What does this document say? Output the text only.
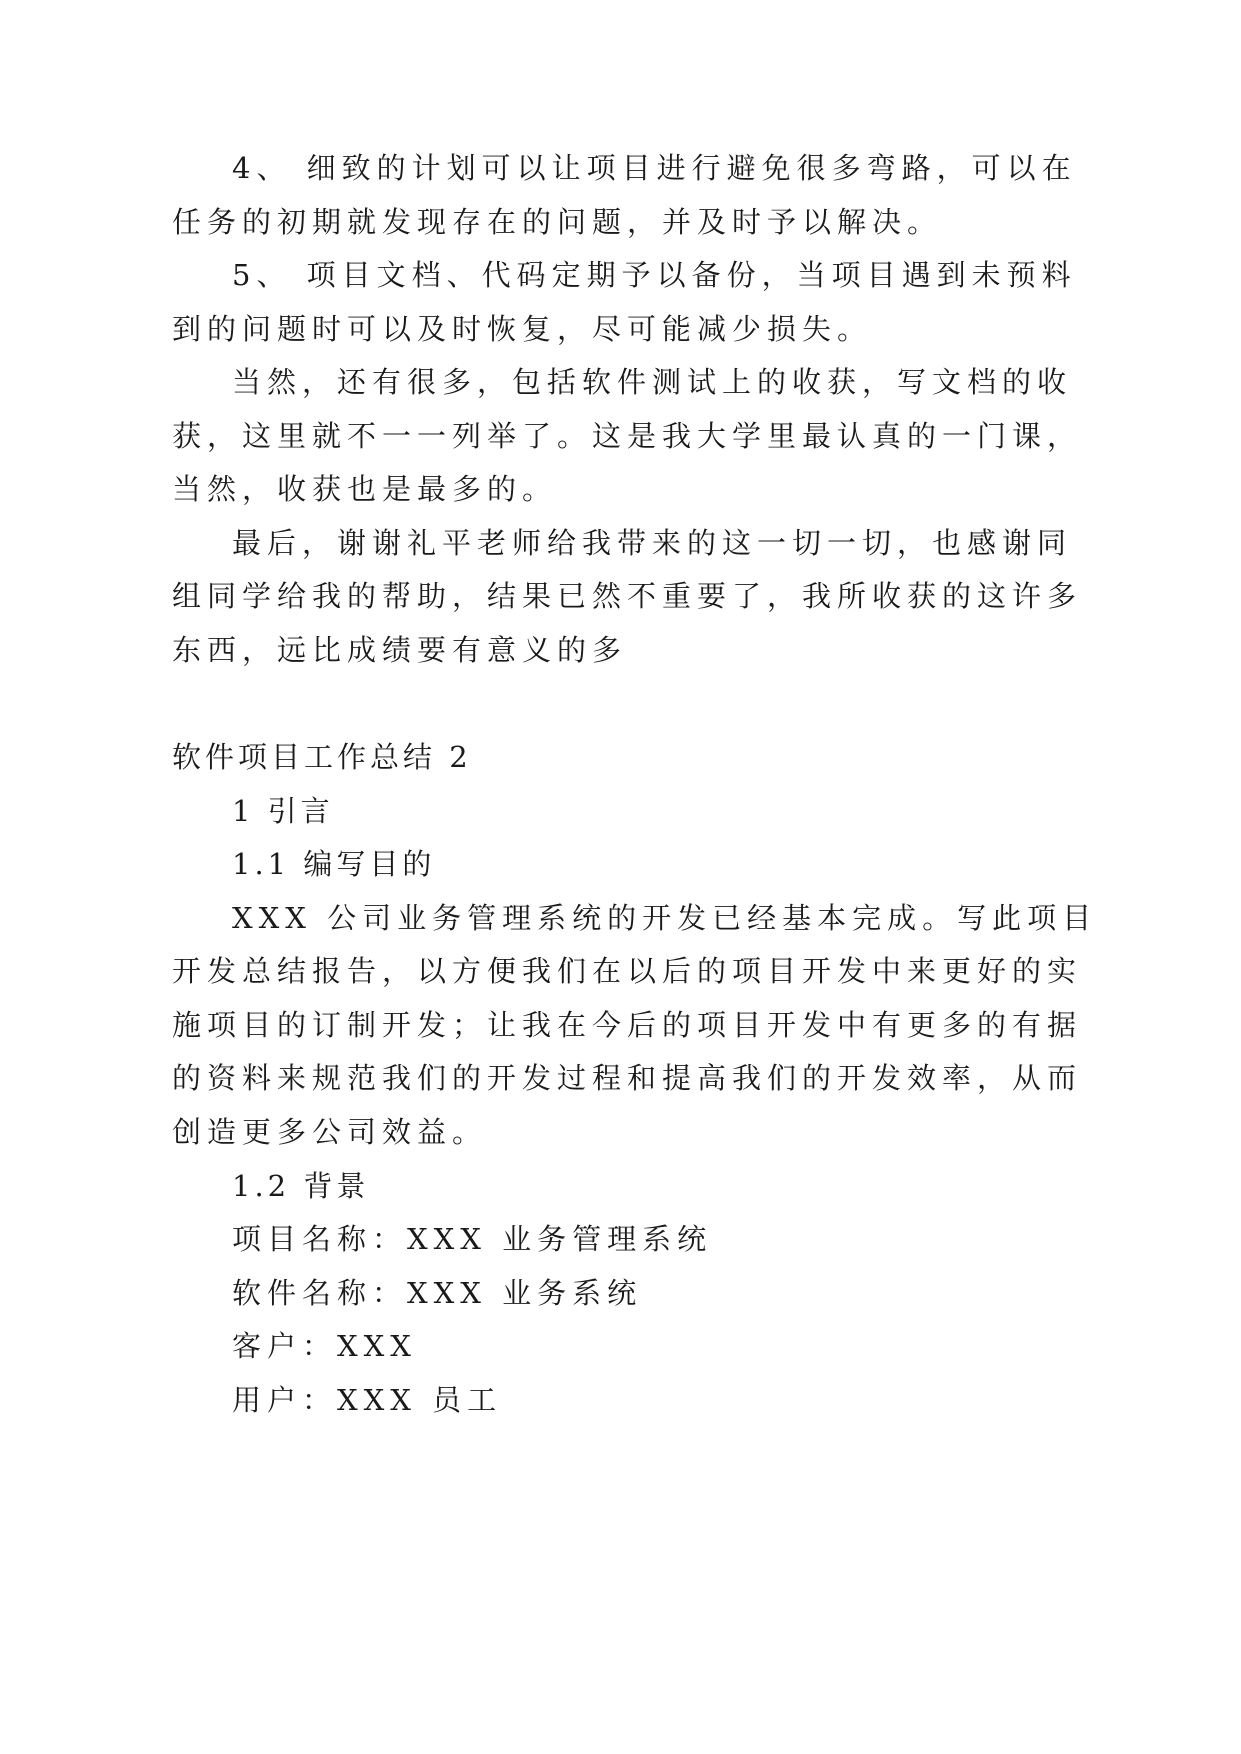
4、 细致的计划可以让项目进行避免很多弯路，可以在
任务的初期就发现存在的问题，并及时予以解决。
5、 项目文档、代码定期予以备份，当项目遇到未预料
到的问题时可以及时恢复，尽可能减少损失。
当然，还有很多，包括软件测试上的收获，写文档的收
获，这里就不一一列举了。这是我大学里最认真的一门课，
当然，收获也是最多的。
最后，谢谢礼平老师给我带来的这一切一切，也感谢同
组同学给我的帮助，结果已然不重要了，我所收获的这许多
东西，远比成绩要有意义的多
软件项目工作总结 2
1 引言
1.1 编写目的
XXX 公司业务管理系统的开发已经基本完成。写此项目
开发总结报告，以方便我们在以后的项目开发中来更好的实
施项目的订制开发；让我在今后的项目开发中有更多的有据
的资料来规范我们的开发过程和提高我们的开发效率，从而
创造更多公司效益。
1.2 背景
项目名称：XXX 业务管理系统
软件名称：XXX 业务系统
客户：XXX
用户：XXX 员工
